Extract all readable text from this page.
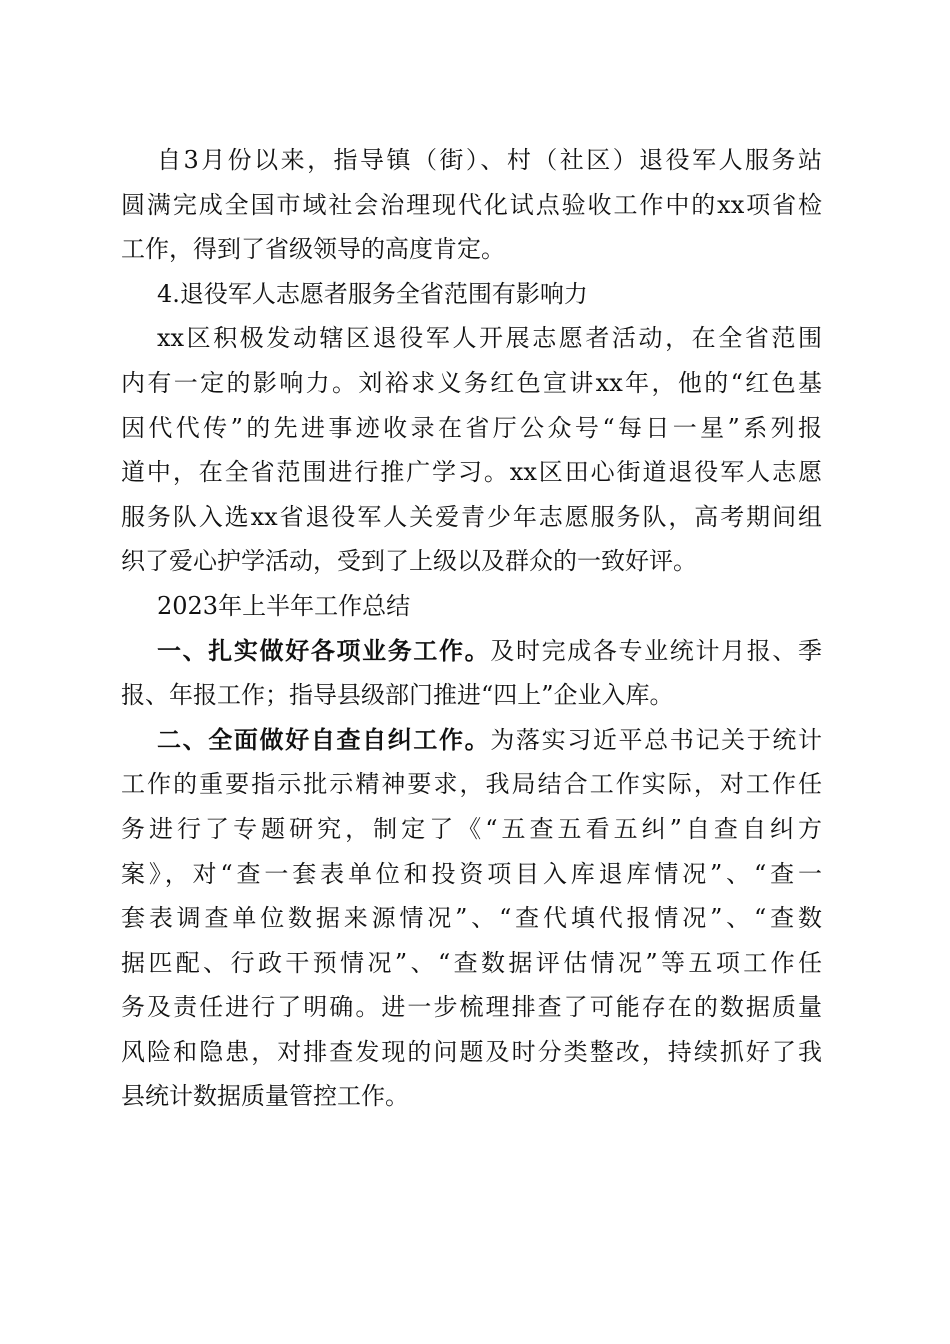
自3月份以来，指导镇（街）、村（社区）退役军人服务站
圆满完成全国市域社会治理现代化试点验收工作中的xx项省检
工作，得到了省级领导的高度肯定。
4.退役军人志愿者服务全省范围有影响力
xx区积极发动辖区退役军人开展志愿者活动，在全省范围
内有一定的影响力。刘裕求义务红色宣讲xx年，他的“红色基
因代代传”的先进事迹收录在省厅公众号“每日一星”系列报
道中，在全省范围进行推广学习。xx区田心街道退役军人志愿
服务队入选xx省退役军人关爱青少年志愿服务队，高考期间组
织了爱心护学活动，受到了上级以及群众的一致好评。
2023年上半年工作总结
一、扎实做好各项业务工作。及时完成各专业统计月报、季
报、年报工作；指导县级部门推进“四上”企业入库。
二、全面做好自查自纠工作。为落实习近平总书记关于统计
工作的重要指示批示精神要求，我局结合工作实际，对工作任
务进行了专题研究，制定了《“五查五看五纠”自查自纠方
案》，对“查一套表单位和投资项目入库退库情况”、“查一
套表调查单位数据来源情况”、“查代填代报情况”、“查数
据匹配、行政干预情况”、“查数据评估情况”等五项工作任
务及责任进行了明确。进一步梳理排查了可能存在的数据质量
风险和隐患，对排查发现的问题及时分类整改，持续抓好了我
县统计数据质量管控工作。
